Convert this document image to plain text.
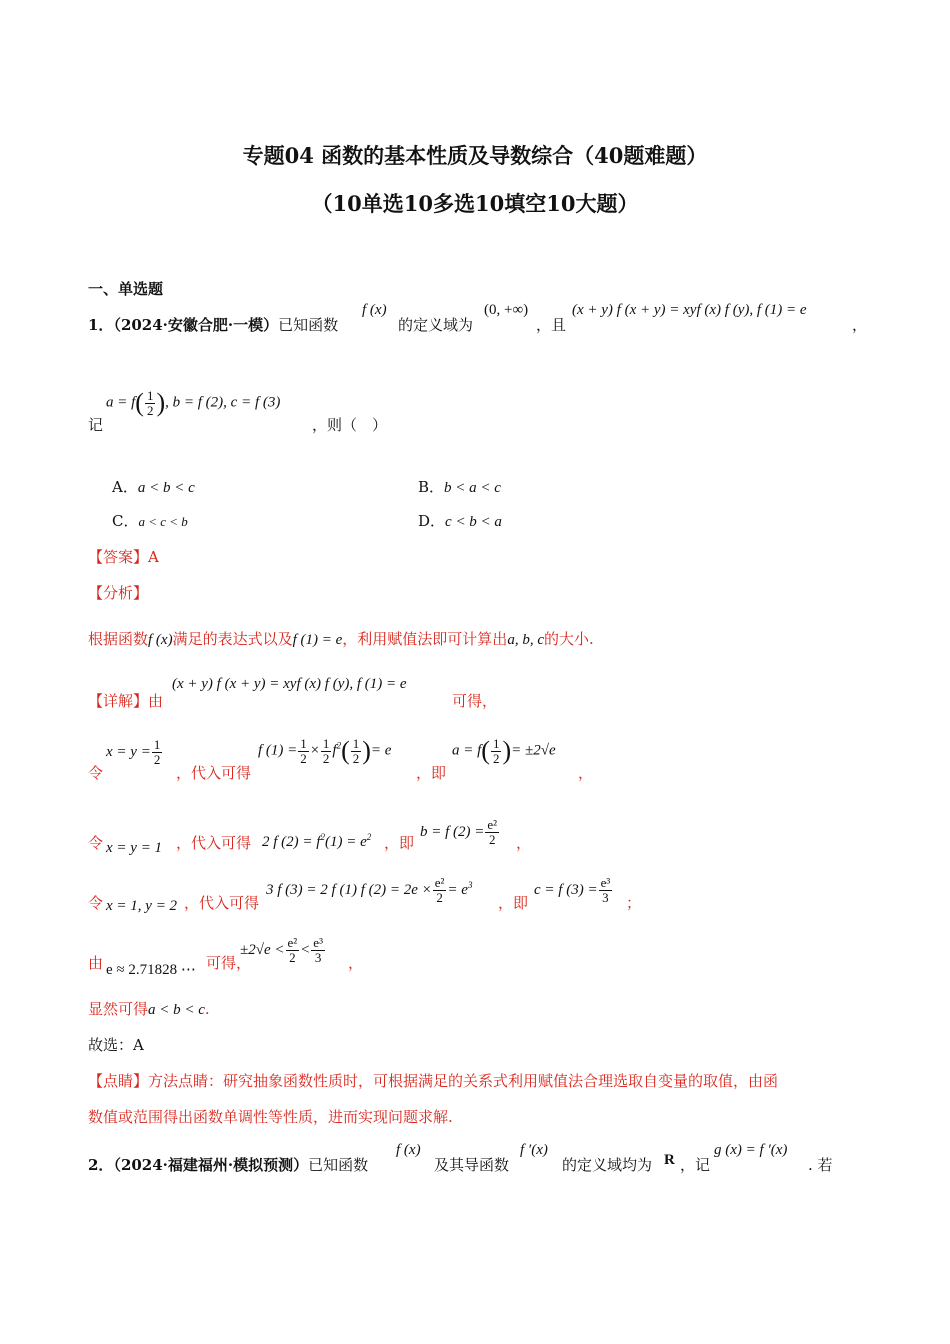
专题04 函数的基本性质及导数综合（40题难题）
（10单选10多选10填空10大题）
一、单选题
1．（2024·安徽合肥·一模）已知函数
f (x)
的定义域为
(0, +∞)
，且
(x + y) f (x + y) = xyf (x) f (y), f (1) = e
，
记
$a = f( \frac{1}{2}$ ), b = f (2), c = f (3)
，则（　）
A．a < b < c	B．b < a < c
C．a < c < b	D．c < b < a
【答案】A
【分析】
根据函数f (x)满足的表达式以及f (1) = e，利用赋值法即可计算出a, b, c的大小.
【详解】由
(x + y) f (x + y) = xyf (x) f (y), f (1) = e
可得，
令
$x = y = \frac{1}{2}$
，代入可得
f $(1) = \frac{1}{2} \times \frac{1}{2} f^2( \frac{1}{2}$ )= e
，即
$a = f( \frac{1}{2}$ )= ±2√e
，
令 x = y = 1 ，代入可得 2 f $(2) = f^2(1) = e^2$ ，即
b = f $(2) = \frac{\text{e²}}{2}$ ，
令 x = 1, y = 2 ，代入可得
3 f (3) = 2 f (1) f $(2) = 2e \times \frac{\text{e²}}{2} = e^3$
，即
c = f $(3) = \frac{\text{e³}}{3}$ ；
由 e ≈ 2.71828 ⋯ 可得，
$\pm 2√e < \frac{\text{e²}}{2} < \frac{\text{e³}}{3}$ ，
显然可得a < b < c.
故选：A
【点睛】方法点睛：研究抽象函数性质时，可根据满足的关系式利用赋值法合理选取自变量的取值，由函
数值或范围得出函数单调性等性质，进而实现问题求解.
2．（2024·福建福州·模拟预测）已知函数
f (x)
及其导函数
f ′(x)
的定义域均为 R ，记
g (x) = f ′(x)
. 若
